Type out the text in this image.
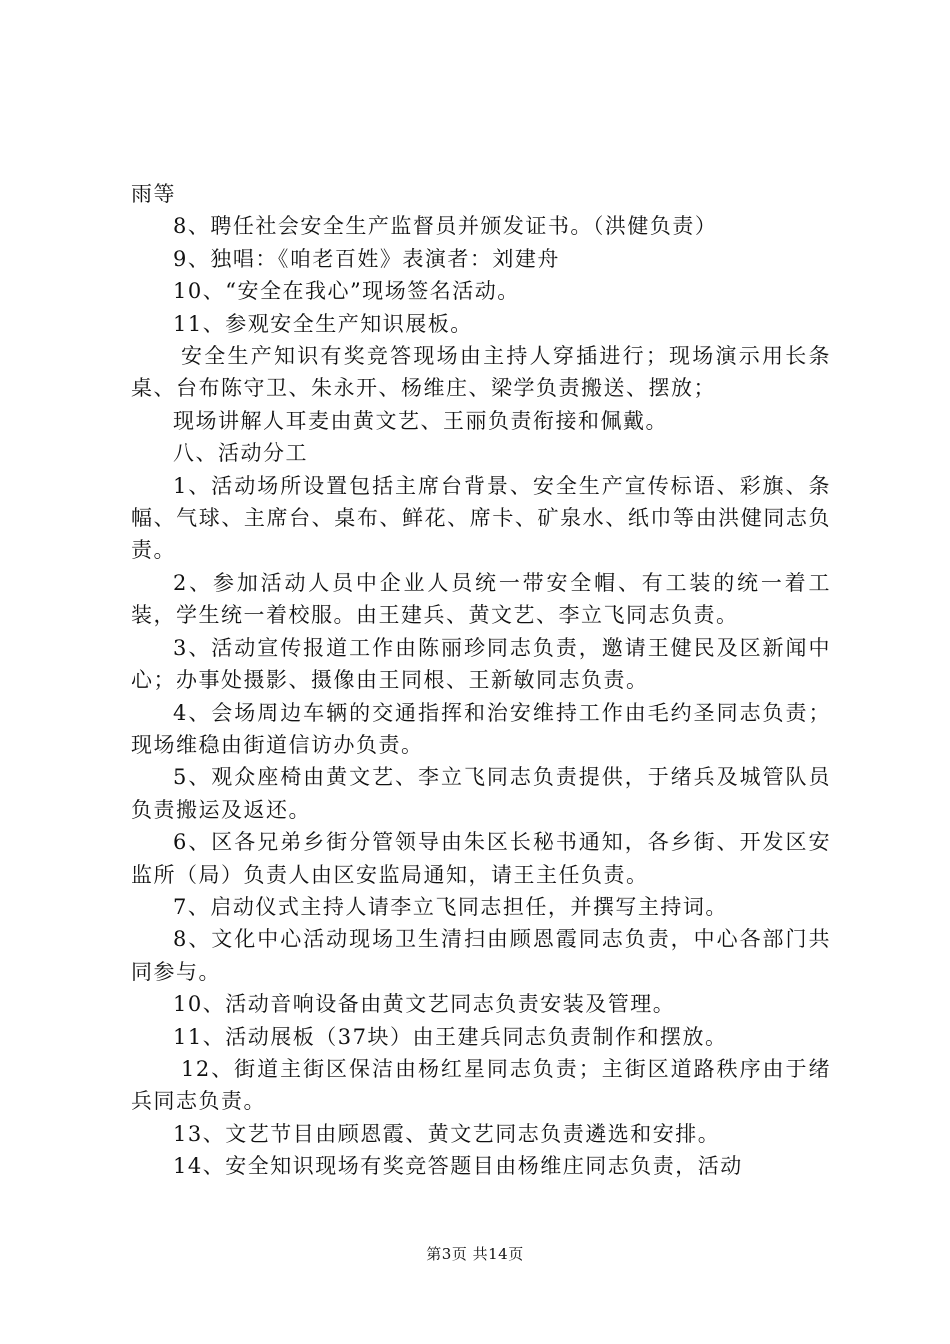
雨等

8、聘任社会安全生产监督员并颁发证书。（洪健负责）

9、独唱：《咱老百姓》表演者：刘建舟

10、“安全在我心”现场签名活动。

11、参观安全生产知识展板。

安全生产知识有奖竞答现场由主持人穿插进行；现场演示用长条桌、台布陈守卫、朱永开、杨维庄、梁学负责搬送、摆放；

现场讲解人耳麦由黄文艺、王丽负责衔接和佩戴。

八、活动分工

1、活动场所设置包括主席台背景、安全生产宣传标语、彩旗、条幅、气球、主席台、桌布、鲜花、席卡、矿泉水、纸巾等由洪健同志负责。

2、参加活动人员中企业人员统一带安全帽、有工装的统一着工装，学生统一着校服。由王建兵、黄文艺、李立飞同志负责。

3、活动宣传报道工作由陈丽珍同志负责，邀请王健民及区新闻中心；办事处摄影、摄像由王同根、王新敏同志负责。

4、会场周边车辆的交通指挥和治安维持工作由毛约圣同志负责；现场维稳由街道信访办负责。

5、观众座椅由黄文艺、李立飞同志负责提供，于绪兵及城管队员负责搬运及返还。

6、区各兄弟乡街分管领导由朱区长秘书通知，各乡街、开发区安监所（局）负责人由区安监局通知，请王主任负责。

7、启动仪式主持人请李立飞同志担任，并撰写主持词。

8、文化中心活动现场卫生清扫由顾恩霞同志负责，中心各部门共同参与。

10、活动音响设备由黄文艺同志负责安装及管理。

11、活动展板（37块）由王建兵同志负责制作和摆放。

12、街道主街区保洁由杨红星同志负责；主街区道路秩序由于绪兵同志负责。

13、文艺节目由顾恩霞、黄文艺同志负责遴选和安排。

14、安全知识现场有奖竞答题目由杨维庄同志负责，活动

第3页 共14页
